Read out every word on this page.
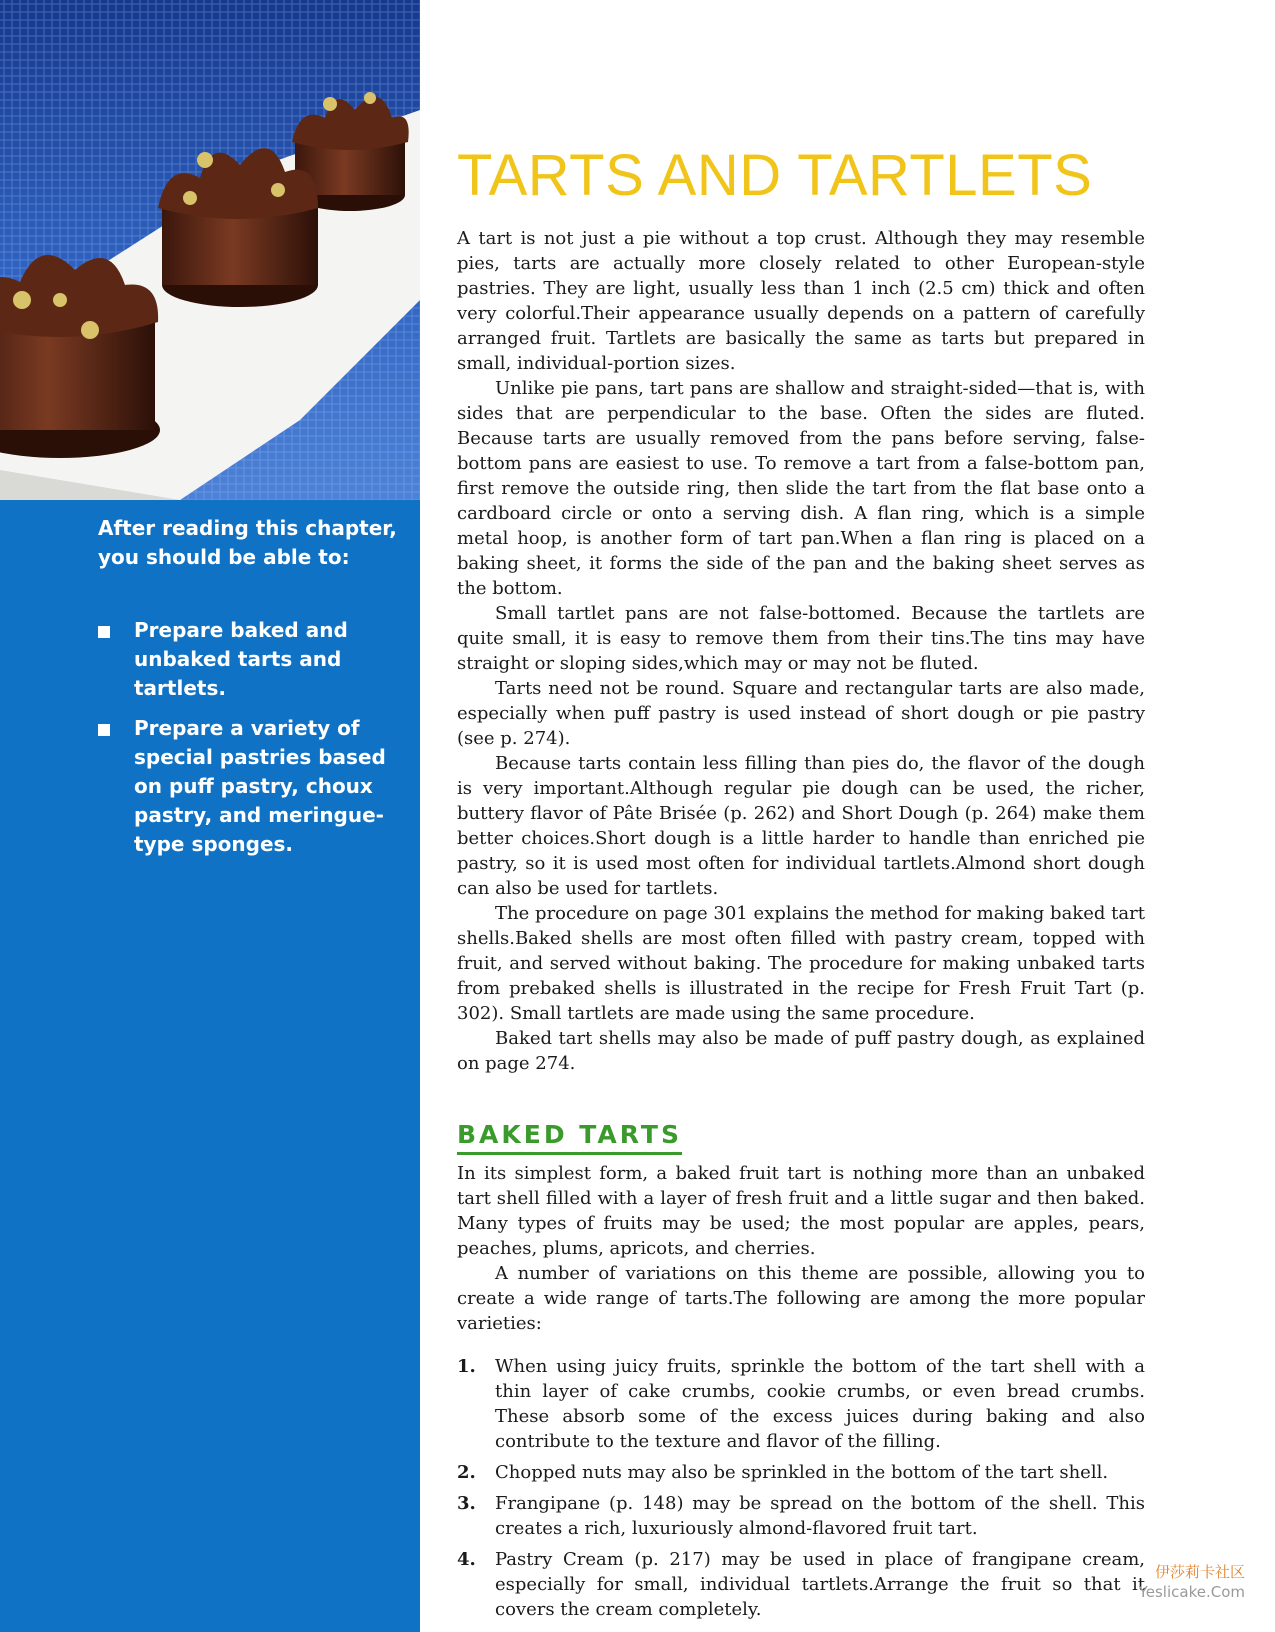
After reading this chapter, you should be able to:

Prepare baked and unbaked tarts and tartlets.
Prepare a variety of special pastries based on puff pastry, choux pastry, and meringue-type sponges.
TARTS AND TARTLETS

A tart is not just a pie without a top crust. Although they may resemble pies, tarts are actually more closely related to other European-style pastries. They are light, usually less than 1 inch (2.5 cm) thick and often very colorful.Their appearance usually depends on a pattern of carefully arranged fruit. Tartlets are basically the same as tarts but prepared in small, individual-portion sizes.

Unlike pie pans, tart pans are shallow and straight-sided—that is, with sides that are perpendicular to the base. Often the sides are fluted. Because tarts are usually removed from the pans before serving, false-bottom pans are easiest to use. To remove a tart from a false-bottom pan, first remove the outside ring, then slide the tart from the flat base onto a cardboard circle or onto a serving dish. A flan ring, which is a simple metal hoop, is another form of tart pan.When a flan ring is placed on a baking sheet, it forms the side of the pan and the baking sheet serves as the bottom.

Small tartlet pans are not false-bottomed. Because the tartlets are quite small, it is easy to remove them from their tins.The tins may have straight or sloping sides,which may or may not be fluted.

Tarts need not be round. Square and rectangular tarts are also made, especially when puff pastry is used instead of short dough or pie pastry (see p. 274).

Because tarts contain less filling than pies do, the flavor of the dough is very important.Although regular pie dough can be used, the richer, buttery flavor of Pâte Brisée (p. 262) and Short Dough (p. 264) make them better choices.Short dough is a little harder to handle than enriched pie pastry, so it is used most often for individual tartlets.Almond short dough can also be used for tartlets.

The procedure on page 301 explains the method for making baked tart shells.Baked shells are most often filled with pastry cream, topped with fruit, and served without baking. The procedure for making unbaked tarts from prebaked shells is illustrated in the recipe for Fresh Fruit Tart (p. 302). Small tartlets are made using the same procedure.

Baked tart shells may also be made of puff pastry dough, as explained on page 274.

BAKED TARTS

In its simplest form, a baked fruit tart is nothing more than an unbaked tart shell filled with a layer of fresh fruit and a little sugar and then baked. Many types of fruits may be used; the most popular are apples, pears, peaches, plums, apricots, and cherries.

A number of variations on this theme are possible, allowing you to create a wide range of tarts.The following are among the more popular varieties:

1. When using juicy fruits, sprinkle the bottom of the tart shell with a thin layer of cake crumbs, cookie crumbs, or even bread crumbs. These absorb some of the excess juices during baking and also contribute to the texture and flavor of the filling.
2. Chopped nuts may also be sprinkled in the bottom of the tart shell.
3. Frangipane (p. 148) may be spread on the bottom of the shell. This creates a rich, luxuriously almond-flavored fruit tart.
4. Pastry Cream (p. 217) may be used in place of frangipane cream, especially for small, individual tartlets.Arrange the fruit so that it covers the cream completely.
伊莎莉卡社区
Yeslicake.Com
